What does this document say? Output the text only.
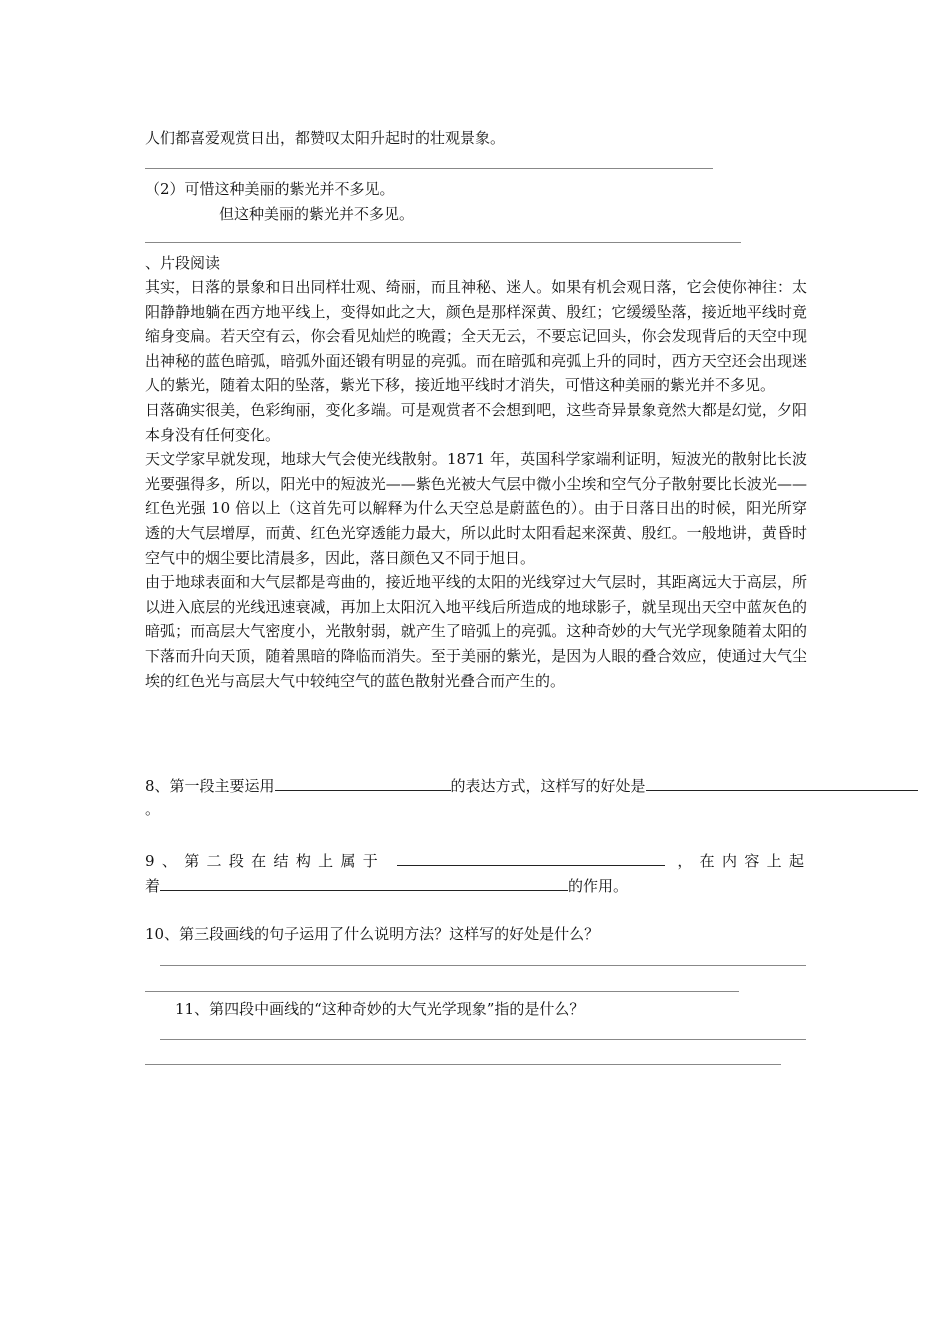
人们都喜爱观赏日出，都赞叹太阳升起时的壮观景象。
（2）可惜这种美丽的紫光并不多见。
但这种美丽的紫光并不多见。
、片段阅读
其实，日落的景象和日出同样壮观、绮丽，而且神秘、迷人。如果有机会观日落，它会使你神往：太阳静静地躺在西方地平线上，变得如此之大，颜色是那样深黄、殷红；它缓缓坠落，接近地平线时竟缩身变扁。若天空有云，你会看见灿烂的晚霞；全天无云，不要忘记回头，你会发现背后的天空中现出神秘的蓝色暗弧，暗弧外面还锻有明显的亮弧。而在暗弧和亮弧上升的同时，西方天空还会出现迷人的紫光，随着太阳的坠落，紫光下移，接近地平线时才消失，可惜这种美丽的紫光并不多见。
日落确实很美，色彩绚丽，变化多端。可是观赏者不会想到吧，这些奇异景象竟然大都是幻觉，夕阳本身没有任何变化。
天文学家早就发现，地球大气会使光线散射。1871 年，英国科学家端利证明，短波光的散射比长波光要强得多，所以，阳光中的短波光——紫色光被大气层中微小尘埃和空气分子散射要比长波光——红色光强 10 倍以上（这首先可以解释为什么天空总是蔚蓝色的）。由于日落日出的时候，阳光所穿透的大气层增厚，而黄、红色光穿透能力最大，所以此时太阳看起来深黄、殷红。一般地讲，黄昏时空气中的烟尘要比清晨多，因此，落日颜色又不同于旭日。
由于地球表面和大气层都是弯曲的，接近地平线的太阳的光线穿过大气层时，其距离远大于高层，所以进入底层的光线迅速衰减，再加上太阳沉入地平线后所造成的地球影子，就呈现出天空中蓝灰色的暗弧；而高层大气密度小，光散射弱，就产生了暗弧上的亮弧。这种奇妙的大气光学现象随着太阳的下落而升向天顶，随着黑暗的降临而消失。至于美丽的紫光，是因为人眼的叠合效应，使通过大气尘埃的红色光与高层大气中较纯空气的蓝色散射光叠合而产生的。
8、第一段主要运用	的表达方式，这样写的好处是
。
9、第二段在结构上属于	，在内容上起
着	的作用。
10、第三段画线的句子运用了什么说明方法？这样写的好处是什么？
11、第四段中画线的“这种奇妙的大气光学现象”指的是什么？
